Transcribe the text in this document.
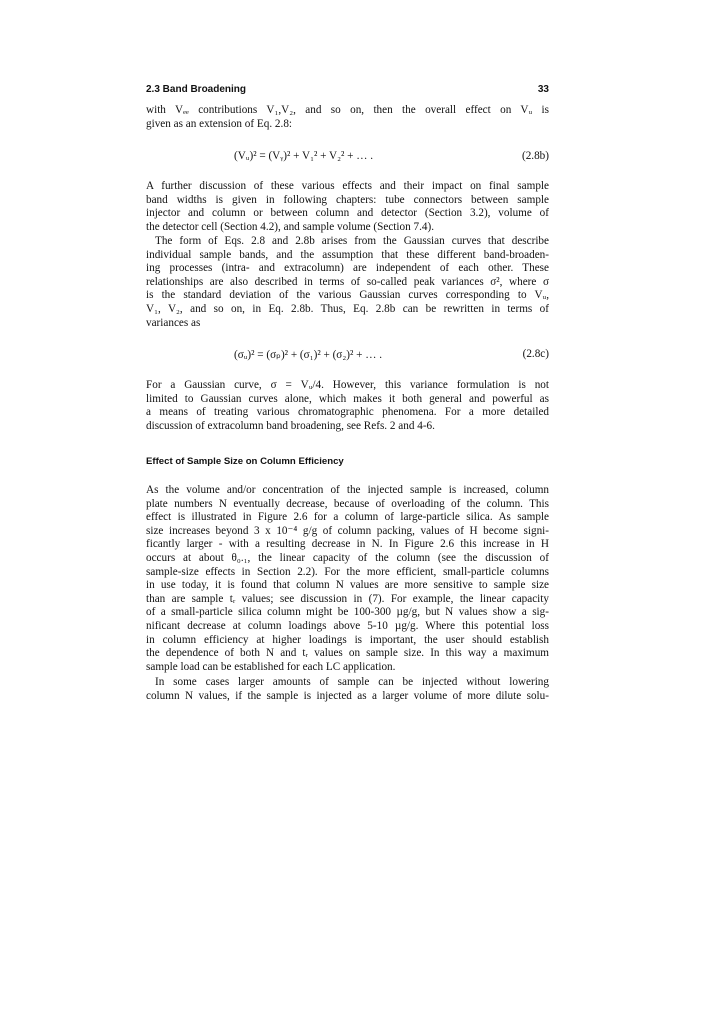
2.3 Band Broadening	33
with Vₑₑ contributions V₁,V₂, and so on, then the overall effect on Vᵤ is
given as an extension of Eq. 2.8:
(Vᵤ)² = (Vᵧ)² + V₁² + V₂² + … .	(2.8b)
A further discussion of these various effects and their impact on final sample
band widths is given in following chapters: tube connectors between sample
injector and column or between column and detector (Section 3.2), volume of
the detector cell (Section 4.2), and sample volume (Section 7.4).
The form of Eqs. 2.8 and 2.8b arises from the Gaussian curves that describe
individual sample bands, and the assumption that these different band-broaden-
ing processes (intra- and extracolumn) are independent of each other. These
relationships are also described in terms of so-called peak variances σ², where σ
is the standard deviation of the various Gaussian curves corresponding to Vᵤ,
V₁, V₂, and so on, in Eq. 2.8b. Thus, Eq. 2.8b can be rewritten in terms of
variances as
(σᵤ)² = (σₚ)² + (σ₁)² + (σ₂)² + … .	(2.8c)
For a Gaussian curve, σ = Vᵤ/4. However, this variance formulation is not
limited to Gaussian curves alone, which makes it both general and powerful as
a means of treating various chromatographic phenomena. For a more detailed
discussion of extracolumn band broadening, see Refs. 2 and 4-6.
Effect of Sample Size on Column Efficiency
As the volume and/or concentration of the injected sample is increased, column
plate numbers N eventually decrease, because of overloading of the column. This
effect is illustrated in Figure 2.6 for a column of large-particle silica. As sample
size increases beyond 3 x 10⁻⁴ g/g of column packing, values of H become signi-
ficantly larger - with a resulting decrease in N. In Figure 2.6 this increase in H
occurs at about θ₀.₁, the linear capacity of the column (see the discussion of
sample-size effects in Section 2.2). For the more efficient, small-particle columns
in use today, it is found that column N values are more sensitive to sample size
than are sample tᵣ values; see discussion in (7). For example, the linear capacity
of a small-particle silica column might be 100-300 µg/g, but N values show a sig-
nificant decrease at column loadings above 5-10 µg/g. Where this potential loss
in column efficiency at higher loadings is important, the user should establish
the dependence of both N and tᵣ values on sample size. In this way a maximum
sample load can be established for each LC application.
In some cases larger amounts of sample can be injected without lowering
column N values, if the sample is injected as a larger volume of more dilute solu-
